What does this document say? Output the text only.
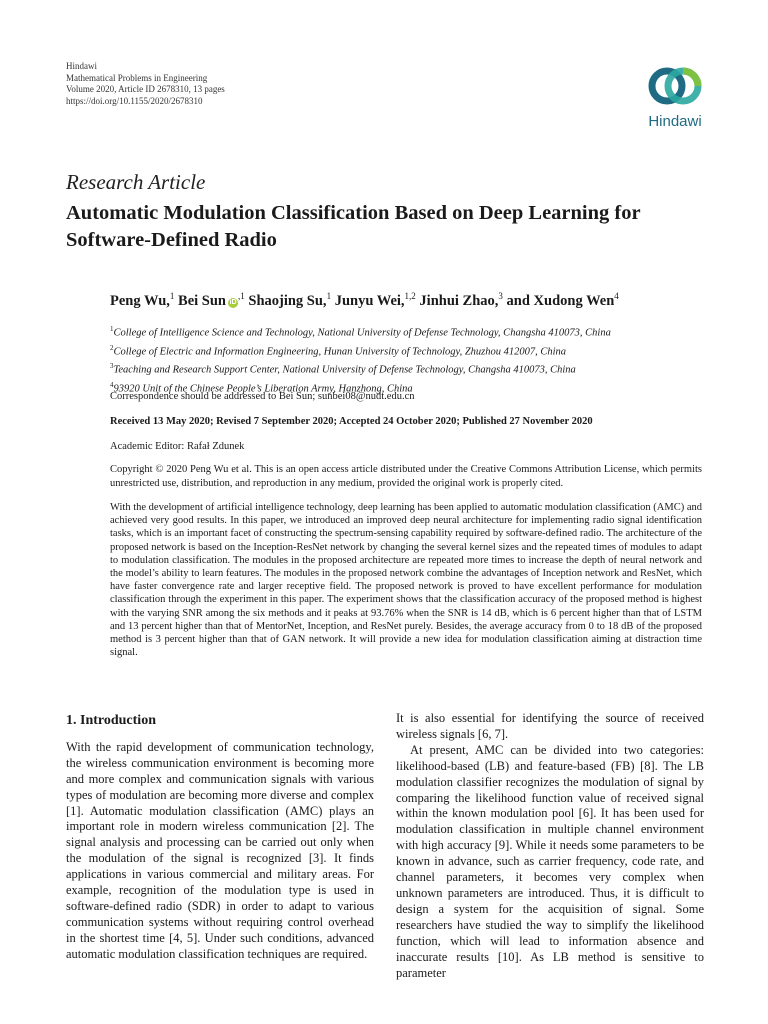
Hindawi
Mathematical Problems in Engineering
Volume 2020, Article ID 2678310, 13 pages
https://doi.org/10.1155/2020/2678310
Hindawi
Research Article
Automatic Modulation Classification Based on Deep Learning for Software-Defined Radio
Peng Wu,$^1$ Bei Sun $iD^{,1}$ Shaojing Su,$^1$ Junyu Wei,$^{1,2}$ Jinhui Zhao,$^3$ and Xudong Wen$^4$
$^1$College of Intelligence Science and Technology, National University of Defense Technology, Changsha 410073, China
$^2$College of Electric and Information Engineering, Hunan University of Technology, Zhuzhou 412007, China
$^3$Teaching and Research Support Center, National University of Defense Technology, Changsha 410073, China
$^4$93920 Unit of the Chinese People’s Liberation Army, Hanzhong, China
Correspondence should be addressed to Bei Sun; sunbei08@nudt.edu.cn
Received 13 May 2020; Revised 7 September 2020; Accepted 24 October 2020; Published 27 November 2020
Academic Editor: Rafał Zdunek
Copyright © 2020 Peng Wu et al. This is an open access article distributed under the Creative Commons Attribution License, which permits unrestricted use, distribution, and reproduction in any medium, provided the original work is properly cited.
With the development of artificial intelligence technology, deep learning has been applied to automatic modulation classification (AMC) and achieved very good results. In this paper, we introduced an improved deep neural architecture for implementing radio signal identification tasks, which is an important facet of constructing the spectrum-sensing capability required by software-defined radio. The architecture of the proposed network is based on the Inception-ResNet network by changing the several kernel sizes and the repeated times of modules to adapt to modulation classification. The modules in the proposed architecture are repeated more times to increase the depth of neural network and the model’s ability to learn features. The modules in the proposed network combine the advantages of Inception network and ResNet, which have faster convergence rate and larger receptive field. The proposed network is proved to have excellent performance for modulation classification through the experiment in this paper. The experiment shows that the classification accuracy of the proposed method is highest with the varying SNR among the six methods and it peaks at 93.76% when the SNR is 14 dB, which is 6 percent higher than that of LSTM and 13 percent higher than that of MentorNet, Inception, and ResNet purely. Besides, the average accuracy from 0 to 18 dB of the proposed method is 3 percent higher than that of GAN network. It will provide a new idea for modulation classification aiming at distraction time signal.
1. Introduction

With the rapid development of communication technology, the wireless communication environment is becoming more and more complex and communication signals with various types of modulation are becoming more diverse and complex [1]. Automatic modulation classification (AMC) plays an important role in modern wireless communication [2]. The signal analysis and processing can be carried out only when the modulation of the signal is recognized [3]. It finds applications in various commercial and military areas. For example, recognition of the modulation type is used in software-defined radio (SDR) in order to adapt to various communication systems without requiring control overhead in the shortest time [4, 5]. Under such conditions, advanced automatic modulation classification techniques are required.

It is also essential for identifying the source of received wireless signals [6, 7].

At present, AMC can be divided into two categories: likelihood-based (LB) and feature-based (FB) [8]. The LB modulation classifier recognizes the modulation of signal by comparing the likelihood function value of received signal within the known modulation pool [6]. It has been used for modulation classification in multiple channel environment with high accuracy [9]. While it needs some parameters to be known in advance, such as carrier frequency, code rate, and channel parameters, it becomes very complex when unknown parameters are introduced. Thus, it is difficult to design a system for the acquisition of signal. Some researchers have studied the way to simplify the likelihood function, which will lead to information absence and inaccurate results [10]. As LB method is sensitive to parameter
